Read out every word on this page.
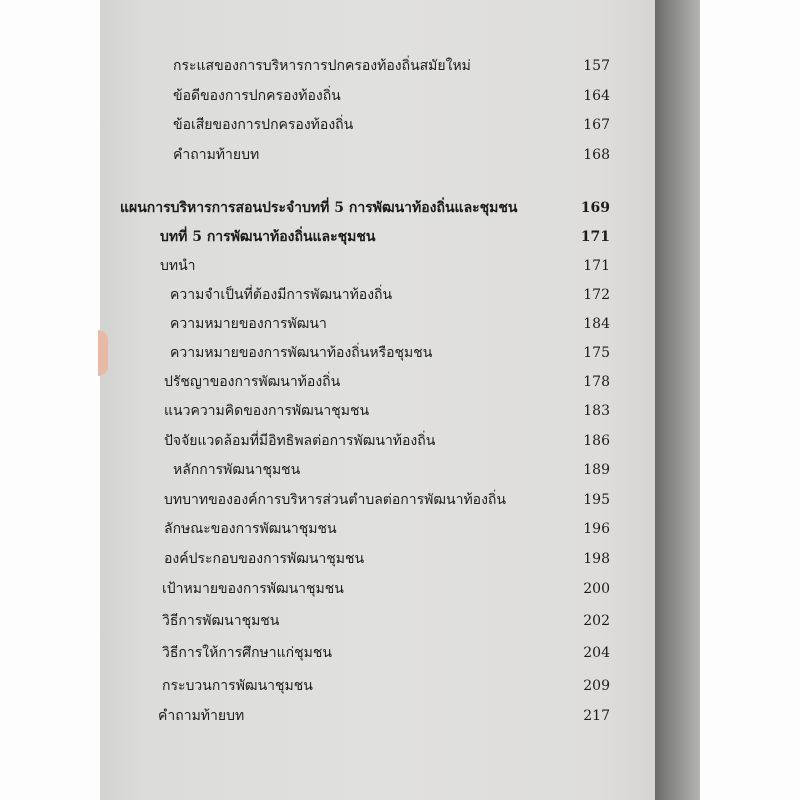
กระแสของการบริหารการปกครองท้องถิ่นสมัยใหม่	157
ข้อดีของการปกครองท้องถิ่น	164
ข้อเสียของการปกครองท้องถิ่น	167
คำถามท้ายบท	168
แผนการบริหารการสอนประจำบทที่ 5 การพัฒนาท้องถิ่นและชุมชน	169
บทที่ 5 การพัฒนาท้องถิ่นและชุมชน	171
บทนำ	171
ความจำเป็นที่ต้องมีการพัฒนาท้องถิ่น	172
ความหมายของการพัฒนา	184
ความหมายของการพัฒนาท้องถิ่นหรือชุมชน	175
ปรัชญาของการพัฒนาท้องถิ่น	178
แนวความคิดของการพัฒนาชุมชน	183
ปัจจัยแวดล้อมที่มีอิทธิพลต่อการพัฒนาท้องถิ่น	186
หลักการพัฒนาชุมชน	189
บทบาทขององค์การบริหารส่วนตำบลต่อการพัฒนาท้องถิ่น	195
ลักษณะของการพัฒนาชุมชน	196
องค์ประกอบของการพัฒนาชุมชน	198
เป้าหมายของการพัฒนาชุมชน	200
วิธีการพัฒนาชุมชน	202
วิธีการให้การศึกษาแก่ชุมชน	204
กระบวนการพัฒนาชุมชน	209
คำถามท้ายบท	217
